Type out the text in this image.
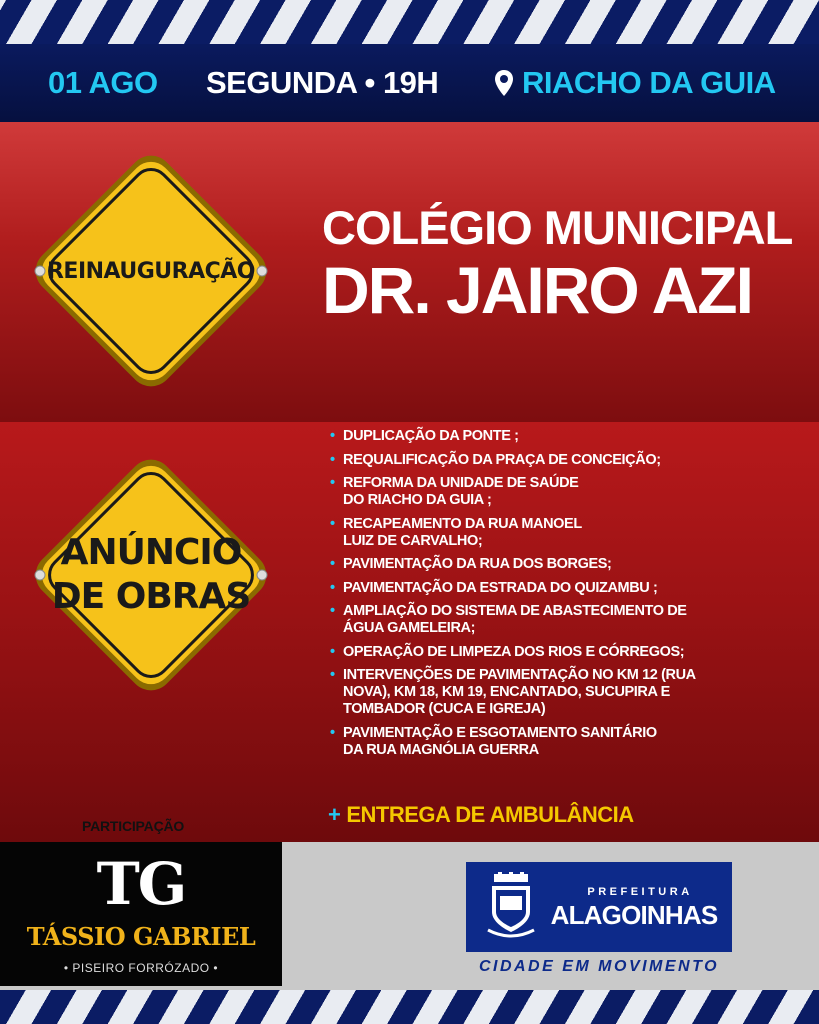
01 AGO SEGUNDA • 19H	RIACHO DA GUIA
REINAUGURAÇÃO
COLÉGIO MUNICIPAL
DR. JAIRO AZI
ANÚNCIO
DE OBRAS
• DUPLICAÇÃO DA PONTE ;
• REQUALIFICAÇÃO DA PRAÇA DE CONCEIÇÃO;
• REFORMA DA UNIDADE DE SAÚDE
DO RIACHO DA GUIA ;
• RECAPEAMENTO DA RUA MANOEL
LUIZ DE CARVALHO;
• PAVIMENTAÇÃO DA RUA DOS BORGES;
• PAVIMENTAÇÃO DA ESTRADA DO QUIZAMBU ;
• AMPLIAÇÃO DO SISTEMA DE ABASTECIMENTO DE
ÁGUA GAMELEIRA;
• OPERAÇÃO DE LIMPEZA DOS RIOS E CÓRREGOS;
• INTERVENÇÕES DE PAVIMENTAÇÃO NO KM 12 (RUA
NOVA), KM 18, KM 19, ENCANTADO, SUCUPIRA E
TOMBADOR (CUCA E IGREJA)
• PAVIMENTAÇÃO E ESGOTAMENTO SANITÁRIO
DA RUA MAGNÓLIA GUERRA
+ ENTREGA DE AMBULÂNCIA
PARTICIPAÇÃO
TG
TÁSSIO GABRIEL
• PISEIRO FORRÓZADO •
PREFEITURA
ALAGOINHAS
CIDADE EM MOVIMENTO
